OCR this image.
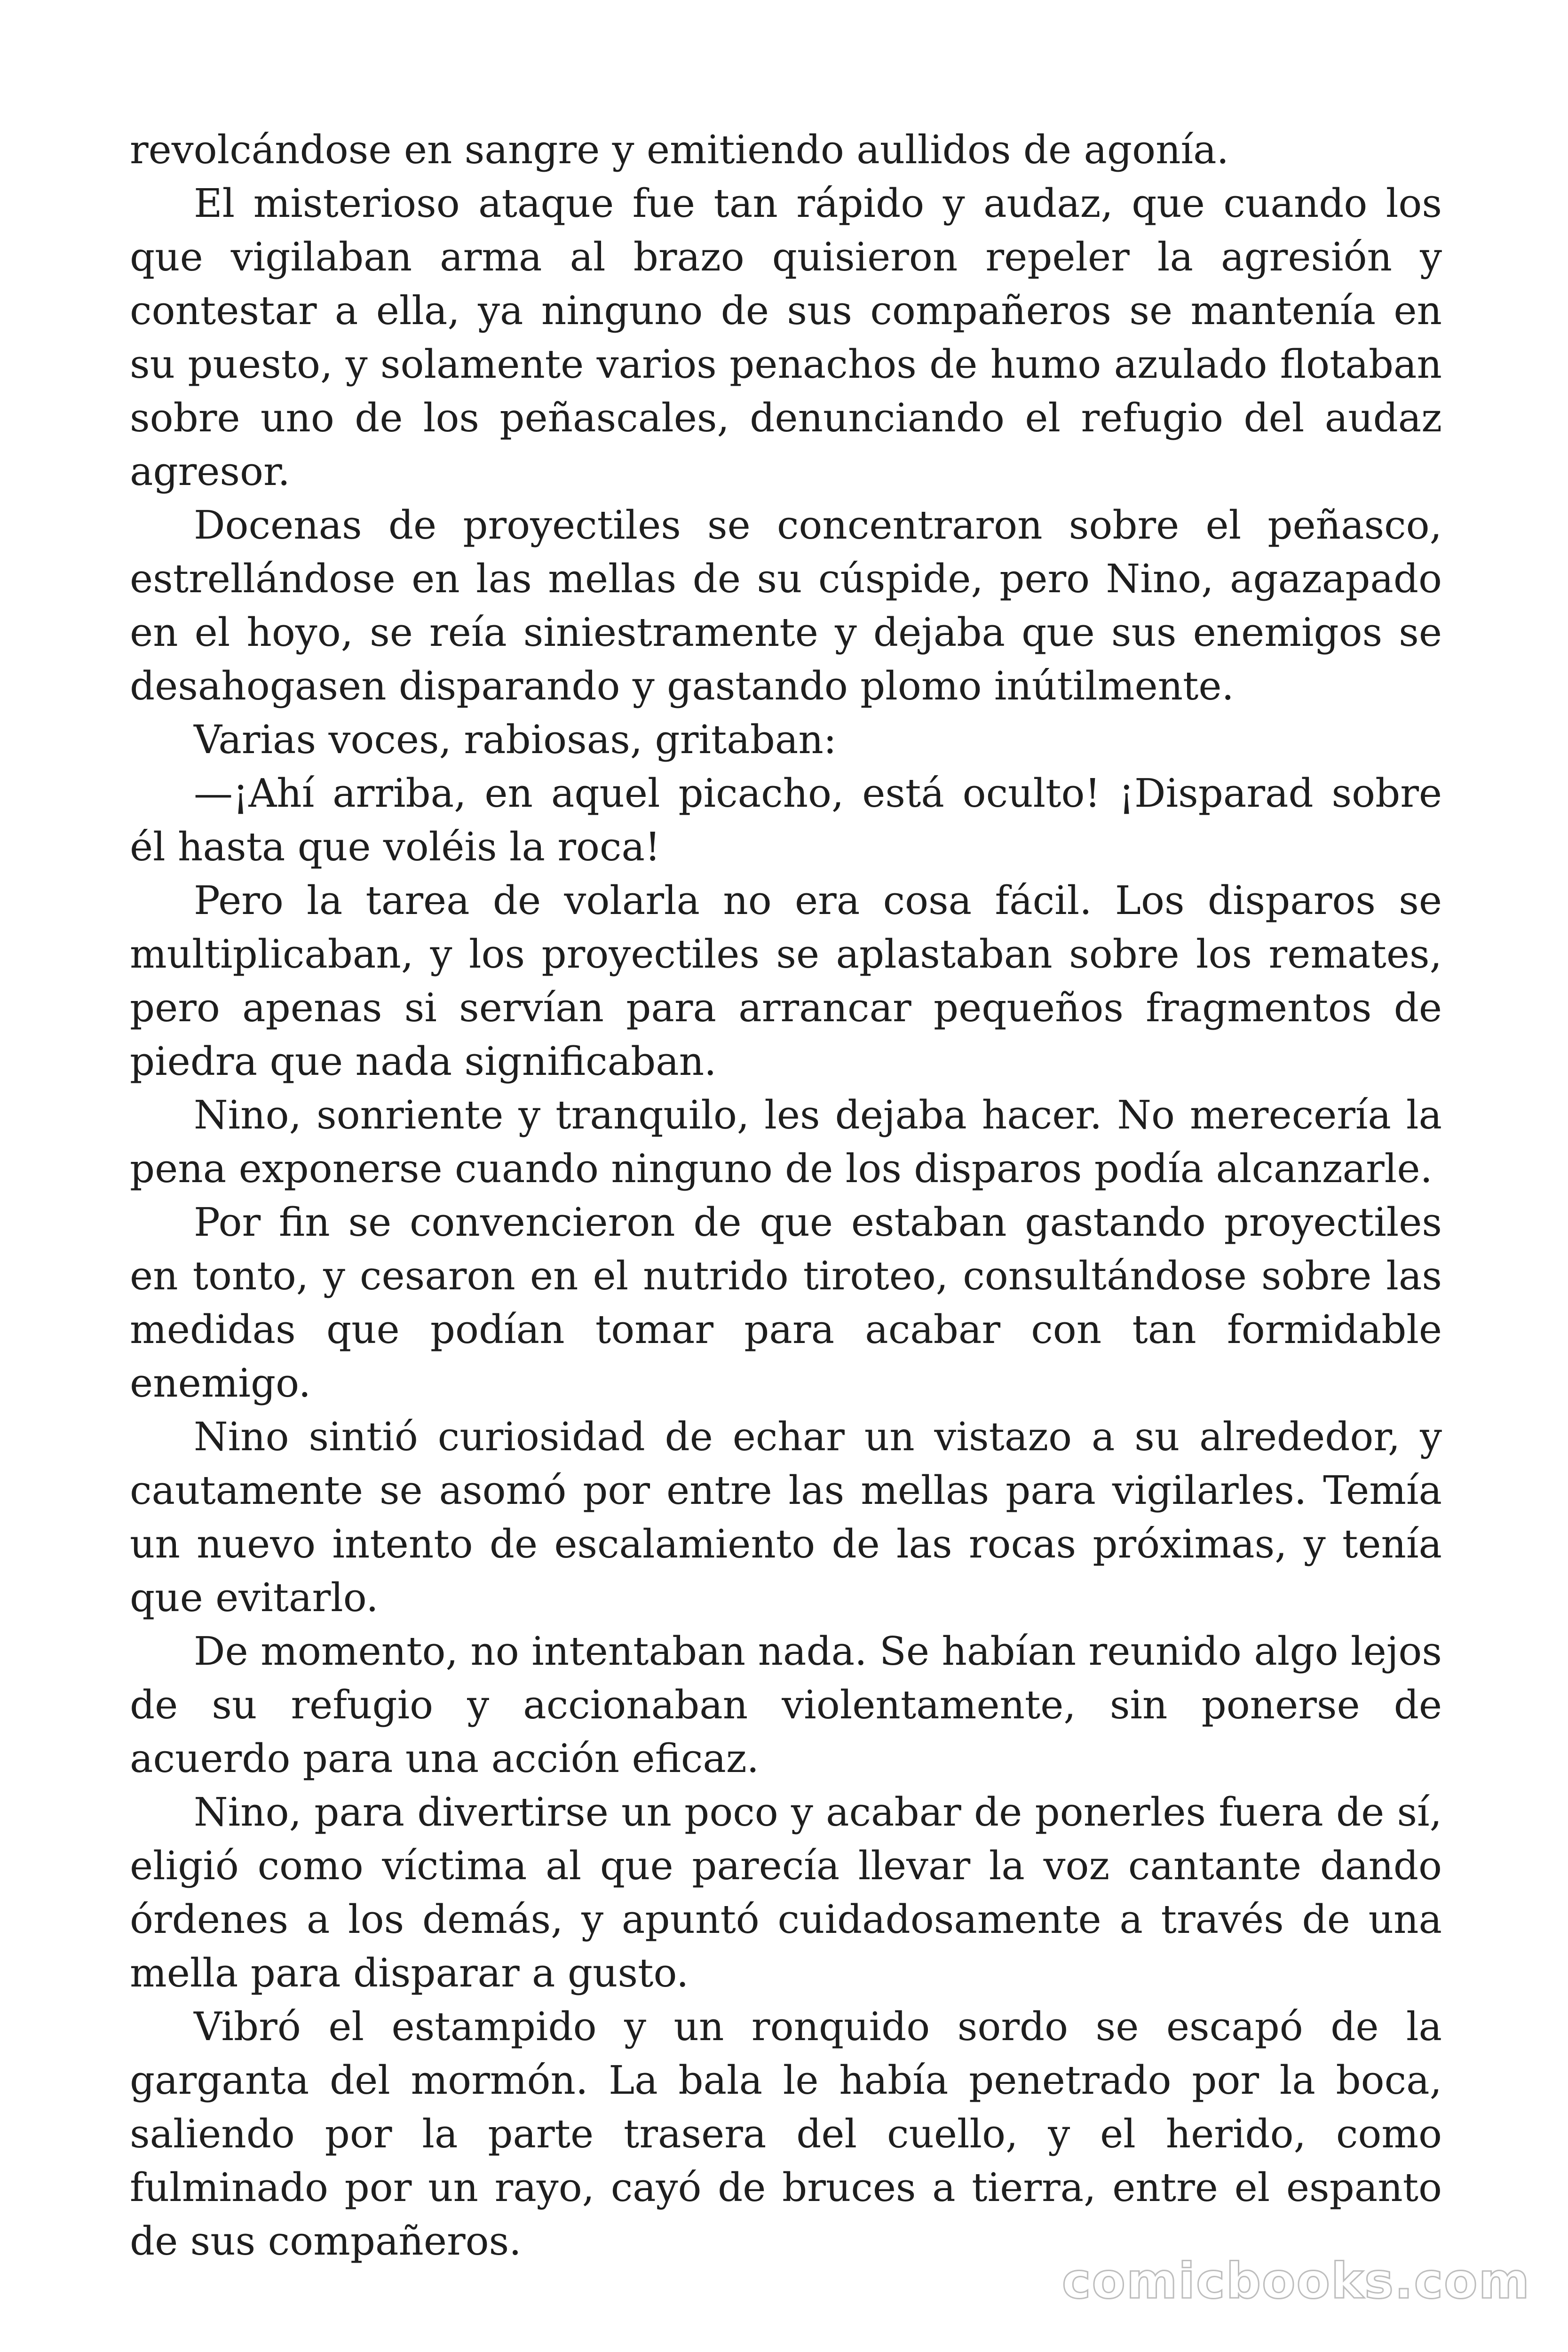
revolcándose en sangre y emitiendo aullidos de agonía.

El misterioso ataque fue tan rápido y audaz, que cuando los que vigilaban arma al brazo quisieron repeler la agresión y contestar a ella, ya ninguno de sus compañeros se mantenía en su puesto, y solamente varios penachos de humo azulado flotaban sobre uno de los peñascales, denunciando el refugio del audaz agresor.

Docenas de proyectiles se concentraron sobre el peñasco, estrellándose en las mellas de su cúspide, pero Nino, agazapado en el hoyo, se reía siniestramente y dejaba que sus enemigos se desahogasen disparando y gastando plomo inútilmente.

Varias voces, rabiosas, gritaban:

—¡Ahí arriba, en aquel picacho, está oculto! ¡Disparad sobre él hasta que voléis la roca!

Pero la tarea de volarla no era cosa fácil. Los disparos se multiplicaban, y los proyectiles se aplastaban sobre los remates, pero apenas si servían para arrancar pequeños fragmentos de piedra que nada significaban.

Nino, sonriente y tranquilo, les dejaba hacer. No merecería la pena exponerse cuando ninguno de los disparos podía alcanzarle.

Por fin se convencieron de que estaban gastando proyectiles en tonto, y cesaron en el nutrido tiroteo, consultándose sobre las medidas que podían tomar para acabar con tan formidable enemigo.

Nino sintió curiosidad de echar un vistazo a su alrededor, y cautamente se asomó por entre las mellas para vigilarles. Temía un nuevo intento de escalamiento de las rocas próximas, y tenía que evitarlo.

De momento, no intentaban nada. Se habían reunido algo lejos de su refugio y accionaban violentamente, sin ponerse de acuerdo para una acción eficaz.

Nino, para divertirse un poco y acabar de ponerles fuera de sí, eligió como víctima al que parecía llevar la voz cantante dando órdenes a los demás, y apuntó cuidadosamente a través de una mella para disparar a gusto.

Vibró el estampido y un ronquido sordo se escapó de la garganta del mormón. La bala le había penetrado por la boca, saliendo por la parte trasera del cuello, y el herido, como fulminado por un rayo, cayó de bruces a tierra, entre el espanto de sus compañeros.

comicbooks.com
